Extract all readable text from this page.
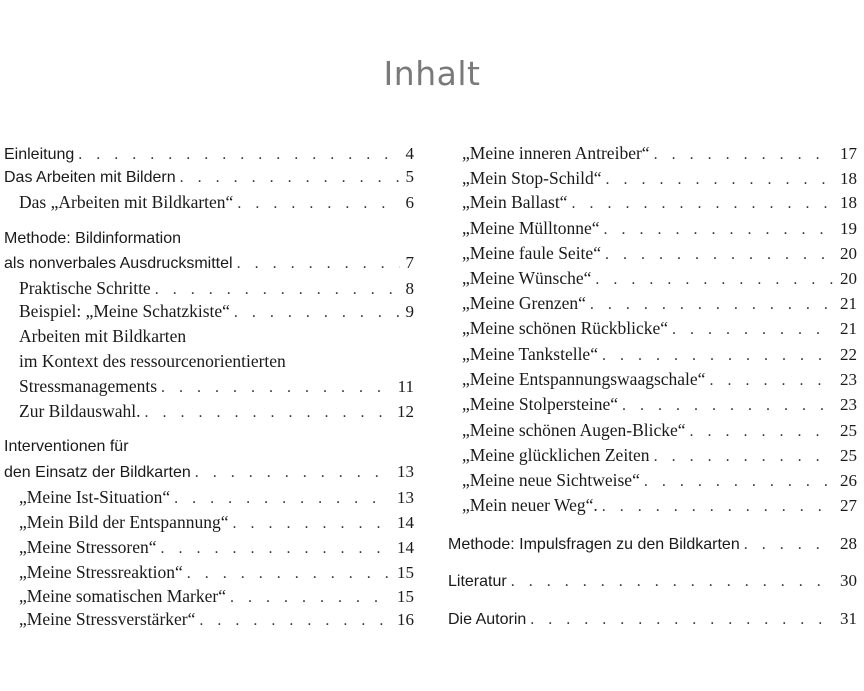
Inhalt
Einleitung . . .	4
Das Arbeiten mit Bildern . . .	5
Das „Arbeiten mit Bildkarten“ . . .	6
Methode: Bildinformation
als nonverbales Ausdrucksmittel . . .	7
Praktische Schritte . . .	8
Beispiel: „Meine Schatzkiste“ . . .	9
Arbeiten mit Bildkarten
im Kontext des ressourcenorientierten
Stressmanagements . . .	11
Zur Bildauswahl. . . .	12
Interventionen für
den Einsatz der Bildkarten . . .	13
„Meine Ist-Situation“ . . .	13
„Mein Bild der Entspannung“ . . .	14
„Meine Stressoren“ . . .	14
„Meine Stressreaktion“ . . .	15
„Meine somatischen Marker“ . . .	15
„Meine Stressverstärker“ . . .	16
„Meine inneren Antreiber“ . . .	17
„Mein Stop-Schild“ . . .	18
„Mein Ballast“ . . .	18
„Meine Mülltonne“ . . .	19
„Meine faule Seite“ . . .	20
„Meine Wünsche“ . . .	20
„Meine Grenzen“ . . .	21
„Meine schönen Rückblicke“ . . .	21
„Meine Tankstelle“ . . .	22
„Meine Entspannungswaagschale“ . . .	23
„Meine Stolpersteine“ . . .	23
„Meine schönen Augen-Blicke“ . . .	25
„Meine glücklichen Zeiten . . .	25
„Meine neue Sichtweise“ . . .	26
„Mein neuer Weg“. . . .	27
Methode: Impulsfragen zu den Bildkarten . . .	28
Literatur . . .	30
Die Autorin . . .	31
